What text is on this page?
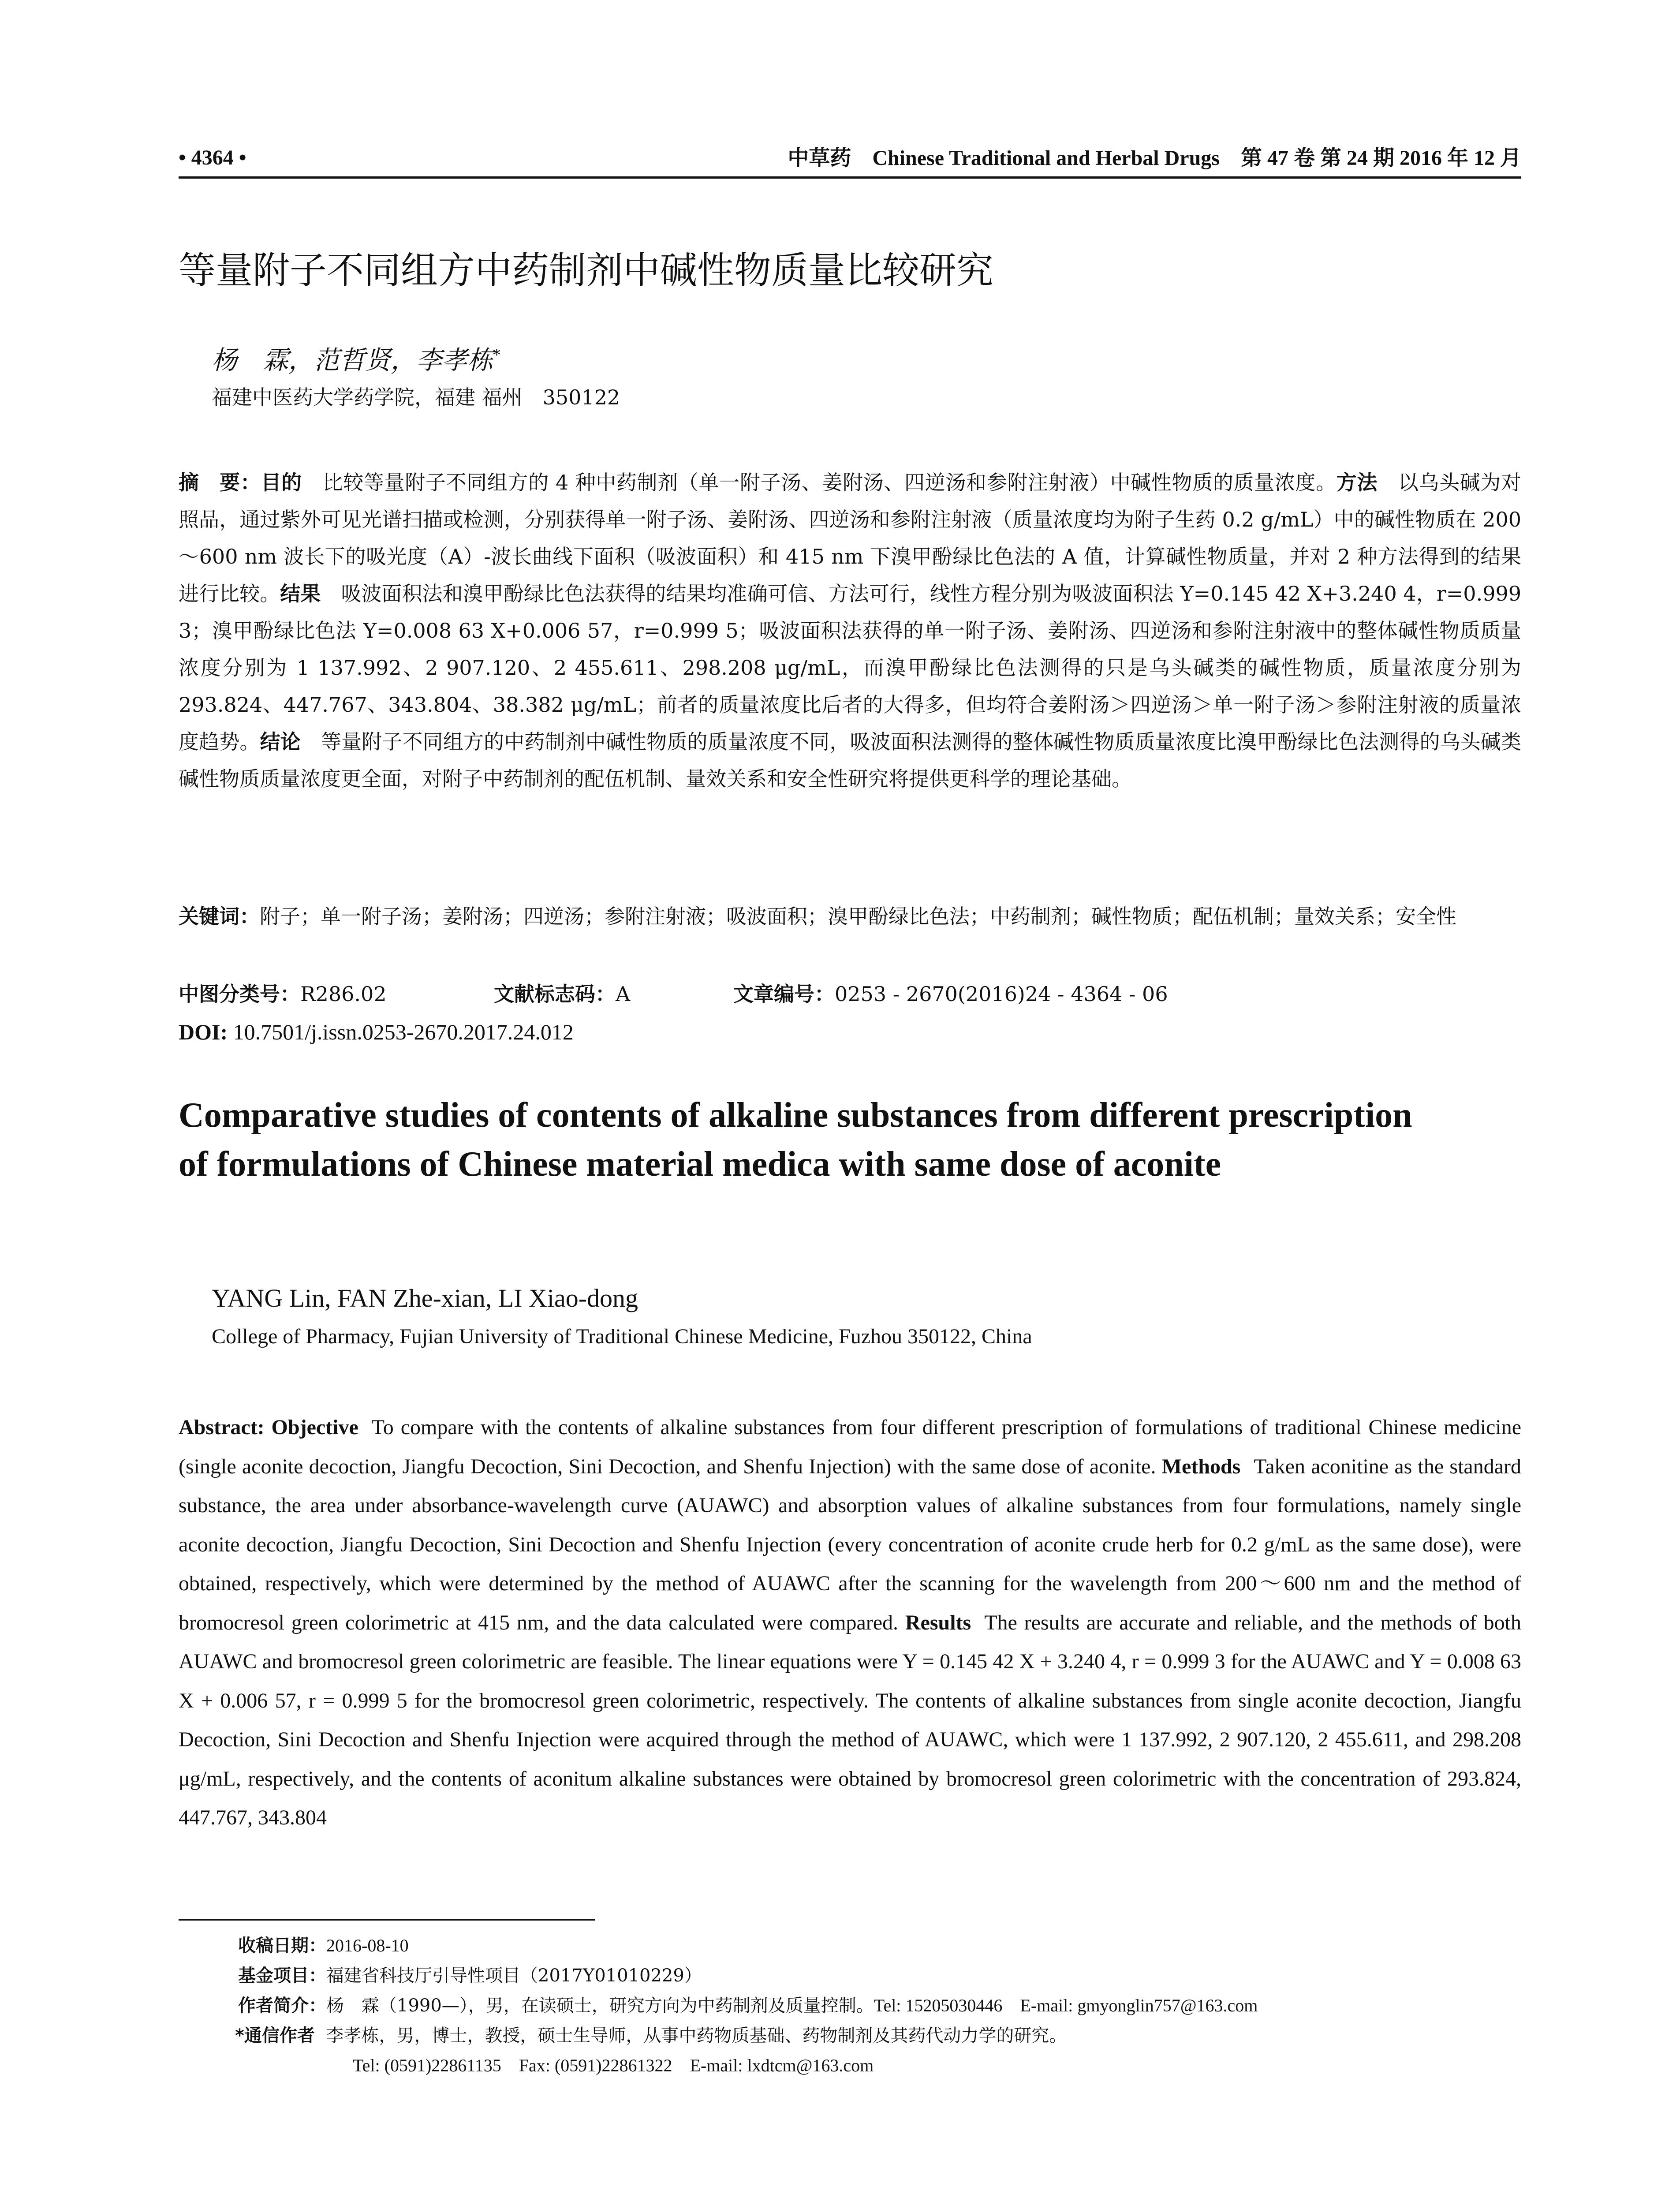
• 4364 •	中草药 Chinese Traditional and Herbal Drugs 第 47 卷 第 24 期 2016 年 12 月
等量附子不同组方中药制剂中碱性物质量比较研究
杨　霖，范哲贤，李孝栋*
福建中医药大学药学院，福建 福州　350122
摘　要：目的 比较等量附子不同组方的 4 种中药制剂（单一附子汤、姜附汤、四逆汤和参附注射液）中碱性物质的质量浓度。方法 以乌头碱为对照品，通过紫外可见光谱扫描或检测，分别获得单一附子汤、姜附汤、四逆汤和参附注射液（质量浓度均为附子生药 0.2 g/mL）中的碱性物质在 200～600 nm 波长下的吸光度（A）-波长曲线下面积（吸波面积）和 415 nm 下溴甲酚绿比色法的 A 值，计算碱性物质量，并对 2 种方法得到的结果进行比较。结果 吸波面积法和溴甲酚绿比色法获得的结果均准确可信、方法可行，线性方程分别为吸波面积法 Y=0.145 42 X+3.240 4，r=0.999 3；溴甲酚绿比色法 Y=0.008 63 X+0.006 57，r=0.999 5；吸波面积法获得的单一附子汤、姜附汤、四逆汤和参附注射液中的整体碱性物质质量浓度分别为 1 137.992、2 907.120、2 455.611、298.208 μg/mL，而溴甲酚绿比色法测得的只是乌头碱类的碱性物质，质量浓度分别为 293.824、447.767、343.804、38.382 μg/mL；前者的质量浓度比后者的大得多，但均符合姜附汤＞四逆汤＞单一附子汤＞参附注射液的质量浓度趋势。结论 等量附子不同组方的中药制剂中碱性物质的质量浓度不同，吸波面积法测得的整体碱性物质质量浓度比溴甲酚绿比色法测得的乌头碱类碱性物质质量浓度更全面，对附子中药制剂的配伍机制、量效关系和安全性研究将提供更科学的理论基础。
关键词：附子；单一附子汤；姜附汤；四逆汤；参附注射液；吸波面积；溴甲酚绿比色法；中药制剂；碱性物质；配伍机制；量效关系；安全性
中图分类号：R286.02	文献标志码：A	文章编号：0253 - 2670(2016)24 - 4364 - 06
DOI: 10.7501/j.issn.0253-2670.2017.24.012
Comparative studies of contents of alkaline substances from different prescription of formulations of Chinese material medica with same dose of aconite
YANG Lin, FAN Zhe-xian, LI Xiao-dong
College of Pharmacy, Fujian University of Traditional Chinese Medicine, Fuzhou 350122, China
Abstract: Objective To compare with the contents of alkaline substances from four different prescription of formulations of traditional Chinese medicine (single aconite decoction, Jiangfu Decoction, Sini Decoction, and Shenfu Injection) with the same dose of aconite. Methods Taken aconitine as the standard substance, the area under absorbance-wavelength curve (AUAWC) and absorption values of alkaline substances from four formulations, namely single aconite decoction, Jiangfu Decoction, Sini Decoction and Shenfu Injection (every concentration of aconite crude herb for 0.2 g/mL as the same dose), were obtained, respectively, which were determined by the method of AUAWC after the scanning for the wavelength from 200～600 nm and the method of bromocresol green colorimetric at 415 nm, and the data calculated were compared. Results The results are accurate and reliable, and the methods of both AUAWC and bromocresol green colorimetric are feasible. The linear equations were Y = 0.145 42 X + 3.240 4, r = 0.999 3 for the AUAWC and Y = 0.008 63 X + 0.006 57, r = 0.999 5 for the bromocresol green colorimetric, respectively. The contents of alkaline substances from single aconite decoction, Jiangfu Decoction, Sini Decoction and Shenfu Injection were acquired through the method of AUAWC, which were 1 137.992, 2 907.120, 2 455.611, and 298.208 μg/mL, respectively, and the contents of aconitum alkaline substances were obtained by bromocresol green colorimetric with the concentration of 293.824, 447.767, 343.804
收稿日期：2016-08-10
基金项目：福建省科技厅引导性项目（2017Y01010229）
作者简介：杨　霖（1990—），男，在读硕士，研究方向为中药制剂及质量控制。Tel: 15205030446　E-mail: gmyonglin757@163.com
*通信作者 李孝栋，男，博士，教授，硕士生导师，从事中药物质基础、药物制剂及其药代动力学的研究。
Tel: (0591)22861135　Fax: (0591)22861322　E-mail: lxdtcm@163.com
